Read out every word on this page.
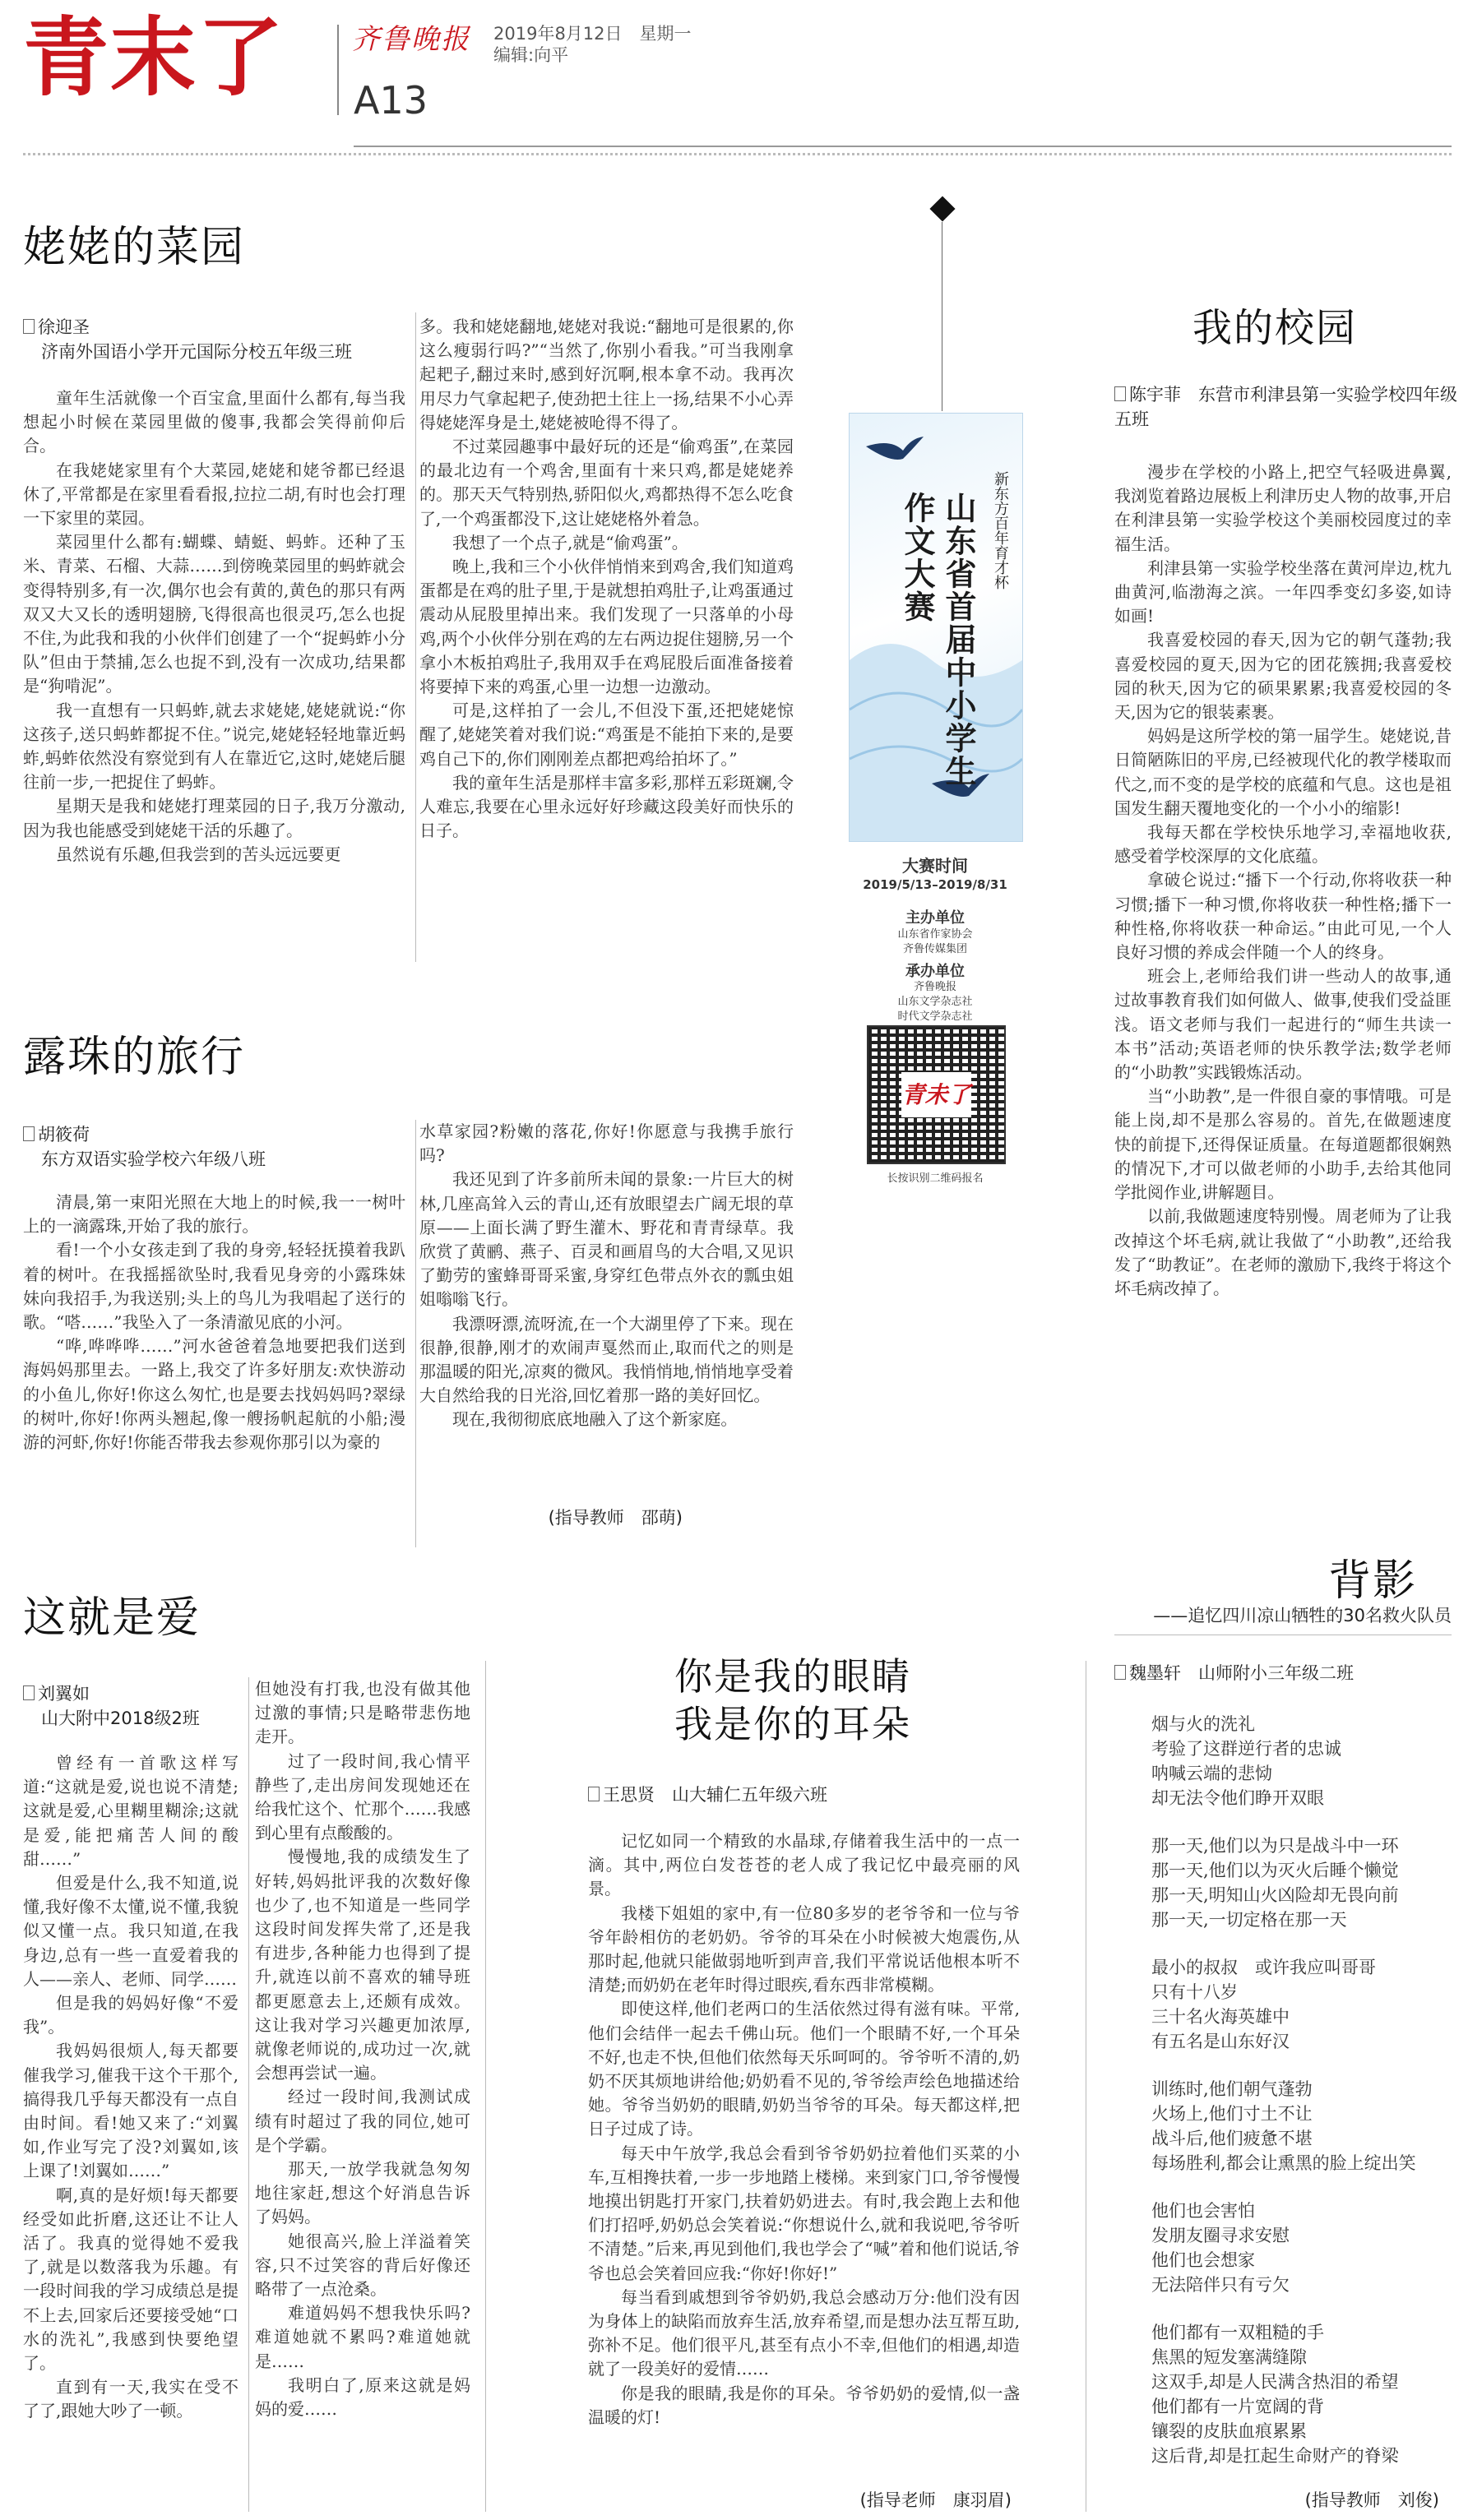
青末了 齐鲁晚报 2019年8月12日　星期一
编辑:向平
A13
姥姥的菜园
徐迎圣
济南外国语小学开元国际分校五年级三班

童年生活就像一个百宝盒,里面什么都有,每当我想起小时候在菜园里做的傻事,我都会笑得前仰后合。

在我姥姥家里有个大菜园,姥姥和姥爷都已经退休了,平常都是在家里看看报,拉拉二胡,有时也会打理一下家里的菜园。

菜园里什么都有:蝴蝶、蜻蜓、蚂蚱。还种了玉米、青菜、石榴、大蒜……到傍晚菜园里的蚂蚱就会变得特别多,有一次,偶尔也会有黄的,黄色的那只有两双又大又长的透明翅膀,飞得很高也很灵巧,怎么也捉不住,为此我和我的小伙伴们创建了一个“捉蚂蚱小分队”但由于禁捕,怎么也捉不到,没有一次成功,结果都是“狗啃泥”。

我一直想有一只蚂蚱,就去求姥姥,姥姥就说:“你这孩子,送只蚂蚱都捉不住。”说完,姥姥轻轻地靠近蚂蚱,蚂蚱依然没有察觉到有人在靠近它,这时,姥姥后腿往前一步,一把捉住了蚂蚱。

星期天是我和姥姥打理菜园的日子,我万分激动,因为我也能感受到姥姥干活的乐趣了。

虽然说有乐趣,但我尝到的苦头远远要更

多。我和姥姥翻地,姥姥对我说:“翻地可是很累的,你这么瘦弱行吗?”“当然了,你别小看我。”可当我刚拿起耙子,翻过来时,感到好沉啊,根本拿不动。我再次用尽力气拿起耙子,使劲把土往上一扬,结果不小心弄得姥姥浑身是土,姥姥被呛得不得了。

不过菜园趣事中最好玩的还是“偷鸡蛋”,在菜园的最北边有一个鸡舍,里面有十来只鸡,都是姥姥养的。那天天气特别热,骄阳似火,鸡都热得不怎么吃食了,一个鸡蛋都没下,这让姥姥格外着急。

我想了一个点子,就是“偷鸡蛋”。

晚上,我和三个小伙伴悄悄来到鸡舍,我们知道鸡蛋都是在鸡的肚子里,于是就想拍鸡肚子,让鸡蛋通过震动从屁股里掉出来。我们发现了一只落单的小母鸡,两个小伙伴分别在鸡的左右两边捉住翅膀,另一个拿小木板拍鸡肚子,我用双手在鸡屁股后面准备接着将要掉下来的鸡蛋,心里一边想一边激动。

可是,这样拍了一会儿,不但没下蛋,还把姥姥惊醒了,姥姥笑着对我们说:“鸡蛋是不能拍下来的,是要鸡自己下的,你们刚刚差点都把鸡给拍坏了。”

我的童年生活是那样丰富多彩,那样五彩斑斓,令人难忘,我要在心里永远好好珍藏这段美好而快乐的日子。

露珠的旅行
胡筱荷
东方双语实验学校六年级八班

清晨,第一束阳光照在大地上的时候,我一一树叶上的一滴露珠,开始了我的旅行。

看!一个小女孩走到了我的身旁,轻轻抚摸着我趴着的树叶。在我摇摇欲坠时,我看见身旁的小露珠妹妹向我招手,为我送别;头上的鸟儿为我唱起了送行的歌。“嗒……”我坠入了一条清澈见底的小河。

“哗,哗哗哗……”河水爸爸着急地要把我们送到海妈妈那里去。一路上,我交了许多好朋友:欢快游动的小鱼儿,你好!你这么匆忙,也是要去找妈妈吗?翠绿的树叶,你好!你两头翘起,像一艘扬帆起航的小船;漫游的河虾,你好!你能否带我去参观你那引以为豪的

水草家园?粉嫩的落花,你好!你愿意与我携手旅行吗?

我还见到了许多前所未闻的景象:一片巨大的树林,几座高耸入云的青山,还有放眼望去广阔无垠的草原——上面长满了野生灌木、野花和青青绿草。我欣赏了黄鹂、燕子、百灵和画眉鸟的大合唱,又见识了勤劳的蜜蜂哥哥采蜜,身穿红色带点外衣的瓢虫姐姐嗡嗡飞行。

我漂呀漂,流呀流,在一个大湖里停了下来。现在很静,很静,刚才的欢闹声戛然而止,取而代之的则是那温暖的阳光,凉爽的微风。我悄悄地,悄悄地享受着大自然给我的日光浴,回忆着那一路的美好回忆。

现在,我彻彻底底地融入了这个新家庭。

(指导教师　邵萌)
这就是爱
刘翼如
山大附中2018级2班

曾经有一首歌这样写道:“这就是爱,说也说不清楚;这就是爱,心里糊里糊涂;这就是爱,能把痛苦人间的酸甜……”

但爱是什么,我不知道,说懂,我好像不太懂,说不懂,我貌似又懂一点。我只知道,在我身边,总有一些一直爱着我的人——亲人、老师、同学……

但是我的妈妈好像“不爱我”。

我妈妈很烦人,每天都要催我学习,催我干这个干那个,搞得我几乎每天都没有一点自由时间。看!她又来了:“刘翼如,作业写完了没?刘翼如,该上课了!刘翼如……”

啊,真的是好烦!每天都要经受如此折磨,这还让不让人活了。我真的觉得她不爱我了,就是以数落我为乐趣。有一段时间我的学习成绩总是提不上去,回家后还要接受她“口水的洗礼”,我感到快要绝望了。

直到有一天,我实在受不了了,跟她大吵了一顿。

但她没有打我,也没有做其他过激的事情;只是略带悲伤地走开。

过了一段时间,我心情平静些了,走出房间发现她还在给我忙这个、忙那个……我感到心里有点酸酸的。

慢慢地,我的成绩发生了好转,妈妈批评我的次数好像也少了,也不知道是一些同学这段时间发挥失常了,还是我有进步,各种能力也得到了提升,就连以前不喜欢的辅导班都更愿意去上,还颇有成效。这让我对学习兴趣更加浓厚,就像老师说的,成功过一次,就会想再尝试一遍。

经过一段时间,我测试成绩有时超过了我的同位,她可是个学霸。

那天,一放学我就急匆匆地往家赶,想这个好消息告诉了妈妈。

她很高兴,脸上洋溢着笑容,只不过笑容的背后好像还略带了一点沧桑。

难道妈妈不想我快乐吗?难道她就不累吗?难道她就是……

我明白了,原来这就是妈妈的爱……

你是我的眼睛
我是你的耳朵
王思贤　 山大辅仁五年级六班

记忆如同一个精致的水晶球,存储着我生活中的一点一滴。其中,两位白发苍苍的老人成了我记忆中最亮丽的风景。

我楼下姐姐的家中,有一位80多岁的老爷爷和一位与爷爷年龄相仿的老奶奶。爷爷的耳朵在小时候被大炮震伤,从那时起,他就只能做弱地听到声音,我们平常说话他根本听不清楚;而奶奶在老年时得过眼疾,看东西非常模糊。

即使这样,他们老两口的生活依然过得有滋有味。平常,他们会结伴一起去千佛山玩。他们一个眼睛不好,一个耳朵不好,也走不快,但他们依然每天乐呵呵的。爷爷听不清的,奶奶不厌其烦地讲给他;奶奶看不见的,爷爷绘声绘色地描述给她。爷爷当奶奶的眼睛,奶奶当爷爷的耳朵。每天都这样,把日子过成了诗。

每天中午放学,我总会看到爷爷奶奶拉着他们买菜的小车,互相搀扶着,一步一步地踏上楼梯。来到家门口,爷爷慢慢地摸出钥匙打开家门,扶着奶奶进去。有时,我会跑上去和他们打招呼,奶奶总会笑着说:“你想说什么,就和我说吧,爷爷听不清楚。”后来,再见到他们,我也学会了“喊”着和他们说话,爷爷也总会笑着回应我:“你好!你好!”

每当看到戚想到爷爷奶奶,我总会感动万分:他们没有因为身体上的缺陷而放弃生活,放弃希望,而是想办法互帮互助,弥补不足。他们很平凡,甚至有点小不幸,但他们的相遇,却造就了一段美好的爱情……

你是我的眼睛,我是你的耳朵。爷爷奶奶的爱情,似一盏温暖的灯!

(指导老师　康羽眉)
新东方百年育才杯
山东省首届中小学生
作文大赛
大赛时间
2019/5/13–2019/8/31
主办单位
山东省作家协会
齐鲁传媒集团
承办单位
齐鲁晚报
山东文学杂志社
时代文学杂志社
青未了
长按识别二维码报名
我的校园
陈宇菲　 东营市利津县第一实验学校四年级五班

漫步在学校的小路上,把空气轻吸进鼻翼,我浏览着路边展板上利津历史人物的故事,开启在利津县第一实验学校这个美丽校园度过的幸福生活。

利津县第一实验学校坐落在黄河岸边,枕九曲黄河,临渤海之滨。一年四季变幻多姿,如诗如画!

我喜爱校园的春天,因为它的朝气蓬勃;我喜爱校园的夏天,因为它的团花簇拥;我喜爱校园的秋天,因为它的硕果累累;我喜爱校园的冬天,因为它的银装素裹。

妈妈是这所学校的第一届学生。姥姥说,昔日简陋陈旧的平房,已经被现代化的教学楼取而代之,而不变的是学校的底蕴和气息。这也是祖国发生翻天覆地变化的一个小小的缩影!

我每天都在学校快乐地学习,幸福地收获,感受着学校深厚的文化底蕴。

拿破仑说过:“播下一个行动,你将收获一种习惯;播下一种习惯,你将收获一种性格;播下一种性格,你将收获一种命运。”由此可见,一个人良好习惯的养成会伴随一个人的终身。

班会上,老师给我们讲一些动人的故事,通过故事教育我们如何做人、做事,使我们受益匪浅。语文老师与我们一起进行的“师生共读一本书”活动;英语老师的快乐教学法;数学老师的“小助教”实践锻炼活动。

当“小助教”,是一件很自豪的事情哦。可是能上岗,却不是那么容易的。首先,在做题速度快的前提下,还得保证质量。在每道题都很娴熟的情况下,才可以做老师的小助手,去给其他同学批阅作业,讲解题目。

以前,我做题速度特别慢。周老师为了让我改掉这个坏毛病,就让我做了“小助教”,还给我发了“助教证”。在老师的激励下,我终于将这个坏毛病改掉了。

背影
——追忆四川凉山牺牲的30名救火队员
魏墨轩　 山师附小三年级二班
烟与火的洗礼
考验了这群逆行者的忠诚
呐喊云端的悲恸
却无法令他们睁开双眼
那一天,他们以为只是战斗中一环
那一天,他们以为灭火后睡个懒觉
那一天,明知山火凶险却无畏向前
那一天,一切定格在那一天
最小的叔叔　或许我应叫哥哥
只有十八岁
三十名火海英雄中
有五名是山东好汉
训练时,他们朝气蓬勃
火场上,他们寸土不让
战斗后,他们疲惫不堪
每场胜利,都会让熏黑的脸上绽出笑
他们也会害怕
发朋友圈寻求安慰
他们也会想家
无法陪伴只有亏欠
他们都有一双粗糙的手
焦黑的短发塞满缝隙
这双手,却是人民满含热泪的希望
他们都有一片宽阔的背
镶裂的皮肤血痕累累
这后背,却是扛起生命财产的脊梁
(指导教师　刘俊)
